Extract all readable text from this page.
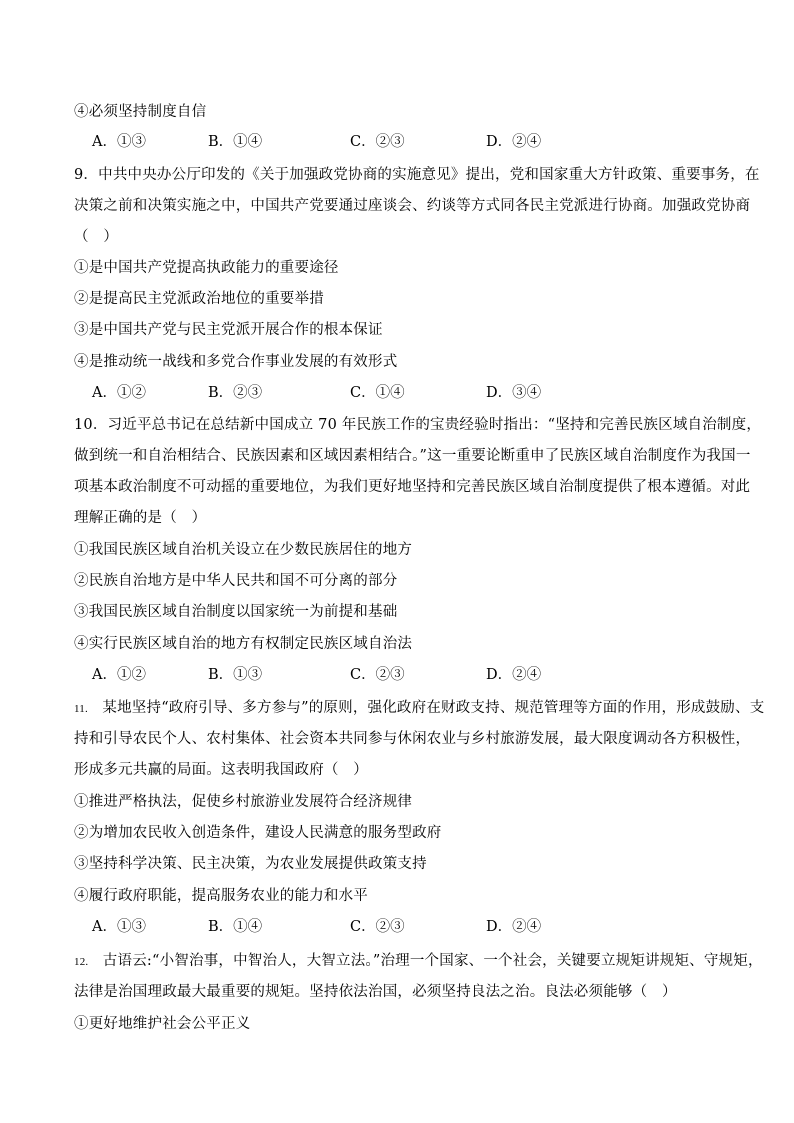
④必须坚持制度自信
A．①③	B．①④	C．②③	D．②④
9．中共中央办公厅印发的《关于加强政党协商的实施意见》提出，党和国家重大方针政策、重要事务，在
决策之前和决策实施之中，中国共产党要通过座谈会、约谈等方式同各民主党派进行协商。加强政党协商
（　）
①是中国共产党提高执政能力的重要途径
②是提高民主党派政治地位的重要举措
③是中国共产党与民主党派开展合作的根本保证
④是推动统一战线和多党合作事业发展的有效形式
A．①②	B．②③	C．①④	D．③④
10．习近平总书记在总结新中国成立 70 年民族工作的宝贵经验时指出：“坚持和完善民族区域自治制度，
做到统一和自治相结合、民族因素和区域因素相结合。”这一重要论断重申了民族区域自治制度作为我国一
项基本政治制度不可动摇的重要地位，为我们更好地坚持和完善民族区域自治制度提供了根本遵循。对此
理解正确的是（　）
①我国民族区域自治机关设立在少数民族居住的地方
②民族自治地方是中华人民共和国不可分离的部分
③我国民族区域自治制度以国家统一为前提和基础
④实行民族区域自治的地方有权制定民族区域自治法
A．①②	B．①③	C．②③	D．②④
11. 某地坚持“政府引导、多方参与”的原则，强化政府在财政支持、规范管理等方面的作用，形成鼓励、支
持和引导农民个人、农村集体、社会资本共同参与休闲农业与乡村旅游发展，最大限度调动各方积极性，
形成多元共赢的局面。这表明我国政府（　）
①推进严格执法，促使乡村旅游业发展符合经济规律
②为增加农民收入创造条件，建设人民满意的服务型政府
③坚持科学决策、民主决策，为农业发展提供政策支持
④履行政府职能，提高服务农业的能力和水平
A．①③	B．①④	C．②③	D．②④
12. 古语云:“小智治事，中智治人，大智立法。”治理一个国家、一个社会，关键要立规矩讲规矩、守规矩，
法律是治国理政最大最重要的规矩。坚持依法治国，必须坚持良法之治。良法必须能够（　）
①更好地维护社会公平正义
